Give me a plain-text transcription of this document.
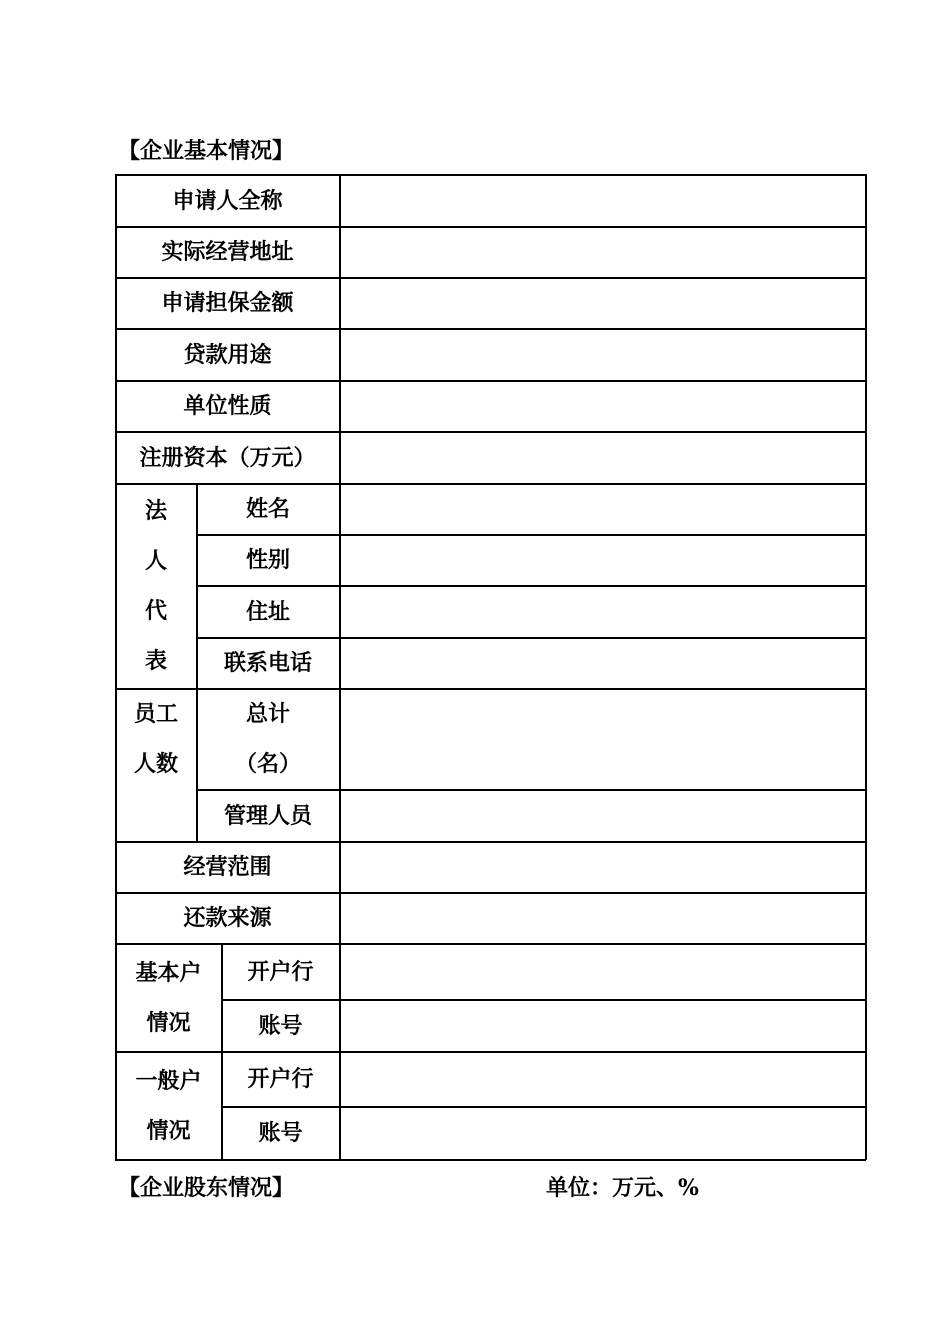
【企业基本情况】
申请人全称
实际经营地址
申请担保金额
贷款用途
单位性质
注册资本（万元）
法
人
代
表
姓名
性别
住址
联系电话
员工
人数
总计
（名）
管理人员
经营范围
还款来源
基本户
情况
开户行
账号
一般户
情况
开户行
账号
【企业股东情况】	单位：万元、%
